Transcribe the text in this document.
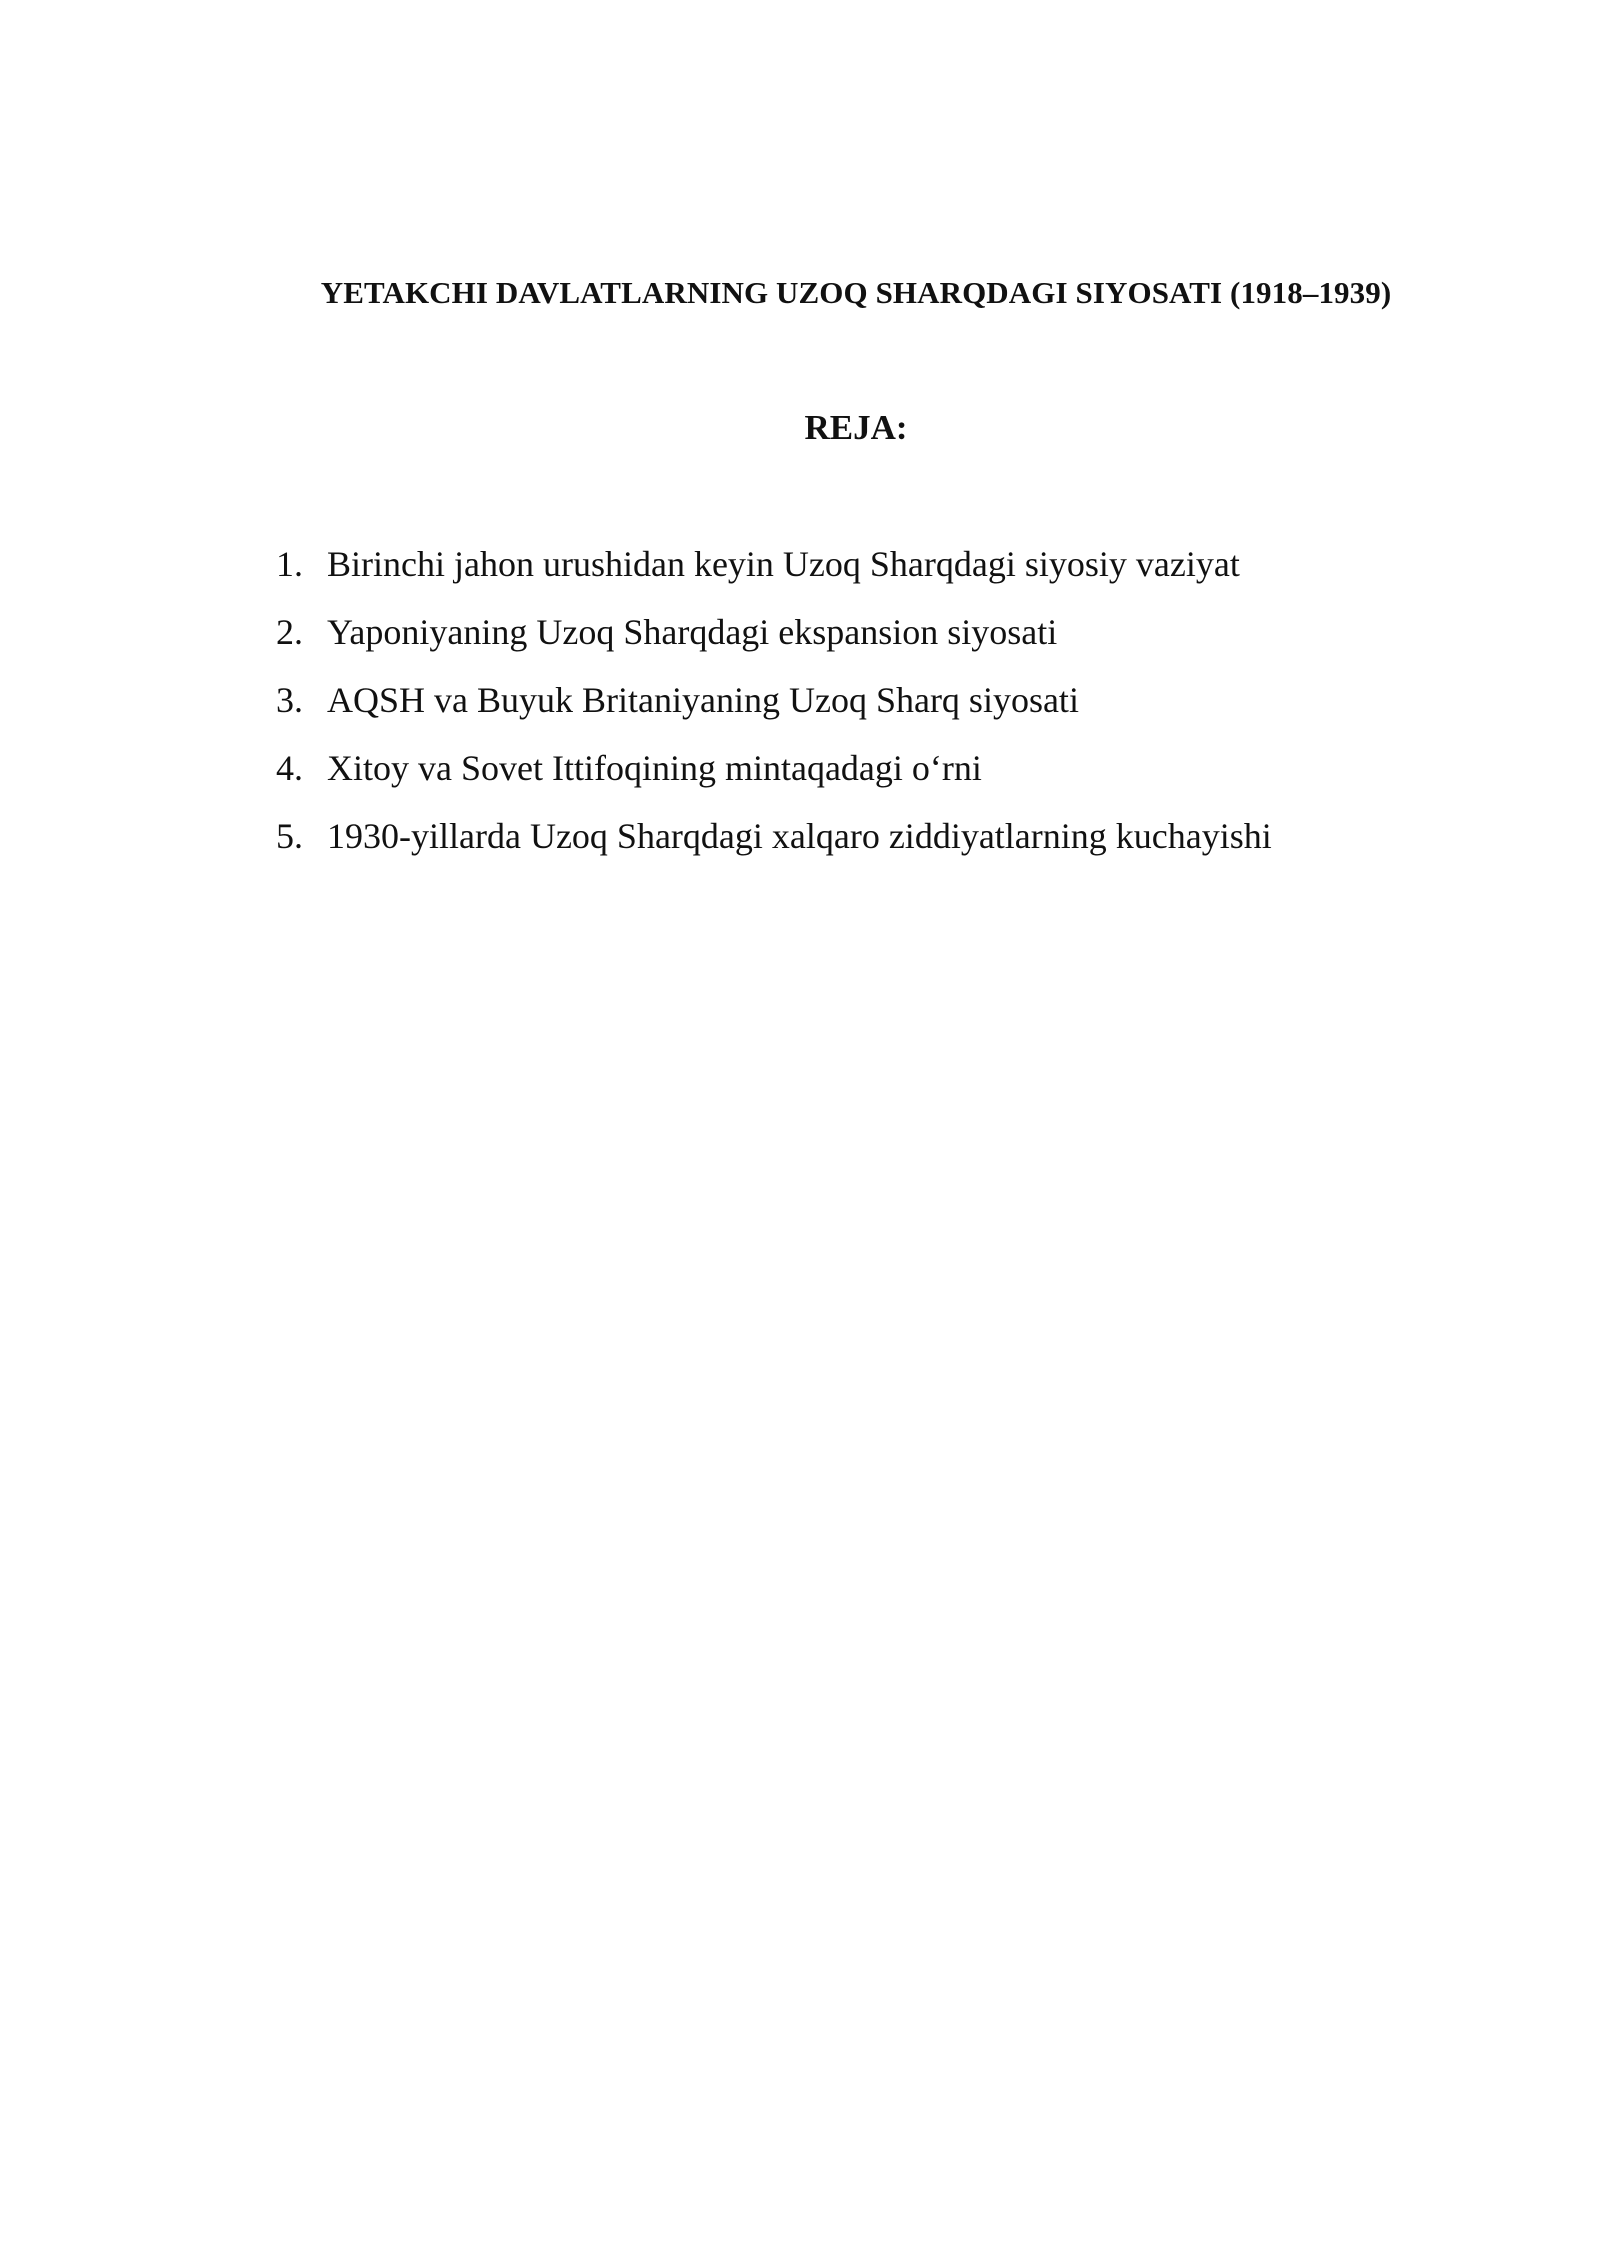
YETAKCHI DAVLATLARNING UZOQ SHARQDAGI SIYOSATI (1918–1939)
REJA:
1. Birinchi jahon urushidan keyin Uzoq Sharqdagi siyosiy vaziyat
2. Yaponiyaning Uzoq Sharqdagi ekspansion siyosati
3. AQSH va Buyuk Britaniyaning Uzoq Sharq siyosati
4. Xitoy va Sovet Ittifoqining mintaqadagi o‘rni
5. 1930-yillarda Uzoq Sharqdagi xalqaro ziddiyatlarning kuchayishi
